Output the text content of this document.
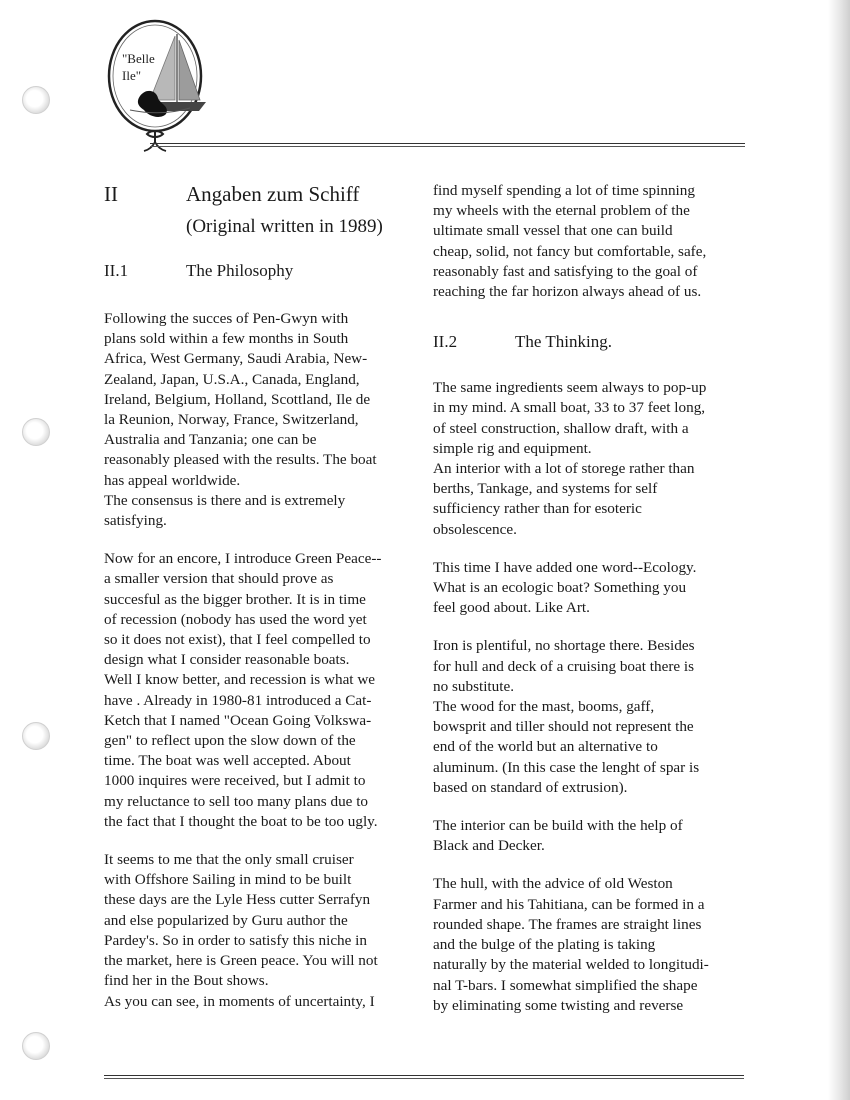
"Belle
Ile"
II	Angaben zum Schiff
(Original written in 1989)
II.1	The Philosophy

Following the succes of Pen-Gwyn with
plans sold within a few months in South
Africa, West Germany, Saudi Arabia, New-
Zealand, Japan, U.S.A., Canada, England,
Ireland, Belgium, Holland, Scottland, Ile de
la Reunion, Norway, France, Switzerland,
Australia and Tanzania; one can be
reasonably pleased with the results. The boat
has appeal worldwide.
The consensus is there and is extremely
satisfying.

Now for an encore, I introduce Green Peace--
a smaller version that should prove as
succesful as the bigger brother. It is in time
of recession (nobody has used the word yet
so it does not exist), that I feel compelled to
design what I consider reasonable boats.
Well I know better, and recession is what we
have . Already in 1980-81 introduced a Cat-
Ketch that I named "Ocean Going Volkswa-
gen" to reflect upon the slow down of the
time. The boat was well accepted. About
1000 inquires were received, but I admit to
my reluctance to sell too many plans due to
the fact that I thought the boat to be too ugly.

It seems to me that the only small cruiser
with Offshore Sailing in mind to be built
these days are the Lyle Hess cutter Serrafyn
and else popularized by Guru author the
Pardey's. So in order to satisfy this niche in
the market, here is Green peace. You will not
find her in the Bout shows.
As you can see, in moments of uncertainty, I

find myself spending a lot of time spinning
my wheels with the eternal problem of the
ultimate small vessel that one can build
cheap, solid, not fancy but comfortable, safe,
reasonably fast and satisfying to the goal of
reaching the far horizon always ahead of us.

II.2	The Thinking.

The same ingredients seem always to pop-up
in my mind. A small boat, 33 to 37 feet long,
of steel construction, shallow draft, with a
simple rig and equipment.
An interior with a lot of storege rather than
berths, Tankage, and systems for self
sufficiency rather than for esoteric
obsolescence.

This time I have added one word--Ecology.
What is an ecologic boat? Something you
feel good about. Like Art.

Iron is plentiful, no shortage there. Besides
for hull and deck of a cruising boat there is
no substitute.
The wood for the mast, booms, gaff,
bowsprit and tiller should not represent the
end of the world but an alternative to
aluminum. (In this case the lenght of spar is
based on standard of extrusion).

The interior can be build with the help of
Black and Decker.

The hull, with the advice of old Weston
Farmer and his Tahitiana, can be formed in a
rounded shape. The frames are straight lines
and the bulge of the plating is taking
naturally by the material welded to longitudi-
nal T-bars. I somewhat simplified the shape
by eliminating some twisting and reverse
